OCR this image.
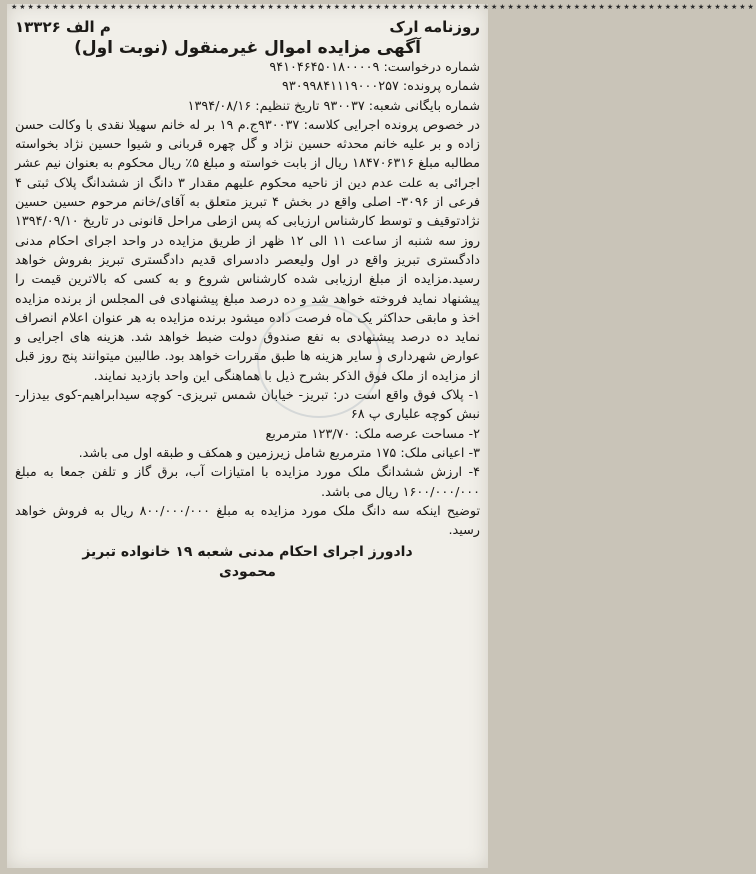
★★★★★★★★★★★★★★★★★★★★★★★★★★★★★★★★★★★★★★★★★★★★★★★★★★★★★★★★★★★★★★★★★★★★★★★★★★★★★★★★★★★★★★★★★★
روزنامه ارک
م الف ۱۳۳۲۶
آگهی مزایده اموال غیرمنقول (نوبت اول)

شماره درخواست: ۹۴۱۰۴۶۴۵۰۱۸۰۰۰۰۹

شماره پرونده: ۹۳۰۹۹۸۴۱۱۱۹۰۰۰۲۵۷

شماره بایگانی شعبه: ۹۳۰۰۳۷ تاریخ تنظیم: ۱۳۹۴/۰۸/۱۶

در خصوص پرونده اجرایی کلاسه: ۹۳۰۰۳۷ج.م ۱۹ بر له خانم سهیلا نقدی با وکالت حسن زاده و بر علیه خانم محدثه حسین نژاد و گل چهره قربانی و شیوا حسین نژاد بخواسته مطالبه مبلغ ۱۸۴۷۰۶۳۱۶ ریال از بابت خواسته و مبلغ ۵٪ ریال محکوم به بعنوان نیم عشر اجرائی به علت عدم دین از ناحیه محکوم علیهم مقدار ۳ دانگ از ششدانگ پلاک ثبتی ۴ فرعی از ۳۰۹۶- اصلی واقع در بخش ۴ تبریز متعلق به آقای/خانم مرحوم حسین حسین نژادتوقیف و توسط کارشناس ارزیابی که پس ازطی مراحل قانونی در تاریخ ۱۳۹۴/۰۹/۱۰ روز سه شنبه از ساعت ۱۱ الی ۱۲ ظهر از طریق مزایده در واحد اجرای احکام مدنی دادگستری تبریز واقع در اول ولیعصر دادسرای قدیم دادگستری تبریز بفروش خواهد رسید.مزایده از مبلغ ارزیابی شده کارشناس شروع و به کسی که بالاترین قیمت را پیشنهاد نماید فروخته خواهد شد و ده درصد مبلغ پیشنهادی فی المجلس از برنده مزایده اخذ و مابقی حداکثر یک ماه فرصت داده میشود برنده مزایده به هر عنوان اعلام انصراف نماید ده درصد پیشنهادی به نفع صندوق دولت ضبط خواهد شد. هزینه های اجرایی و عوارض شهرداری و سایر هزینه ها طبق مقررات خواهد بود. طالبین میتوانند پنج روز قبل از مزایده از ملک فوق الذکر بشرح ذیل با هماهنگی این واحد بازدید نمایند.

۱- پلاک فوق واقع است در: تبریز- خیابان شمس تبریزی- کوچه سیدابراهیم-کوی بیدزار- نبش کوچه علیاری پ ۶۸

۲- مساحت عرصه ملک: ۱۲۳/۷۰ مترمربع

۳- اعیانی ملک: ۱۷۵ مترمربع شامل زیرزمین و همکف و طبقه اول می باشد.

۴- ارزش ششدانگ ملک مورد مزایده با امتیازات آب، برق گاز و تلفن جمعا به مبلغ ۱۶۰۰/۰۰۰/۰۰۰ ریال می باشد.

توضیح اینکه سه دانگ ملک مورد مزایده به مبلغ ۸۰۰/۰۰۰/۰۰۰ ریال به فروش خواهد رسید.

دادورز اجرای احکام مدنی شعبه ۱۹ خانواده تبریز
محمودی
